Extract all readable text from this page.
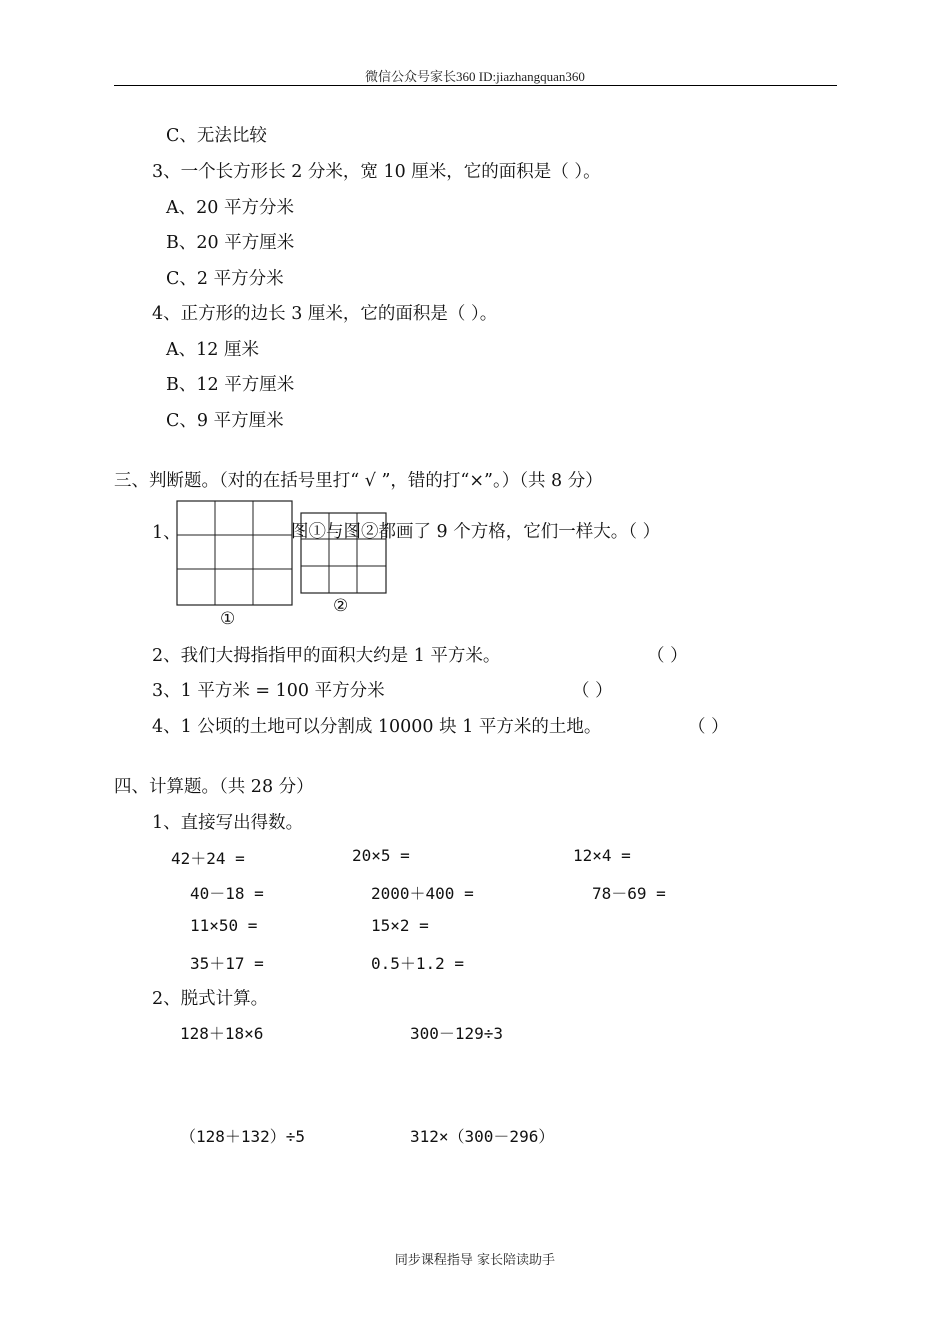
微信公众号家长360 ID:jiazhangquan360
C、无法比较
3、一个长方形长 2 分米，宽 10 厘米，它的面积是（ ）。
A、20 平方分米
B、20 平方厘米
C、2 平方分米
4、正方形的边长 3 厘米，它的面积是（ ）。
A、12 厘米
B、12 平方厘米
C、9 平方厘米
三、判断题。（对的在括号里打“ √ ”，错的打“×”。）（共 8 分）
1、
①
②
图①与图②都画了 9 个方格，它们一样大。（ ）
2、我们大拇指指甲的面积大约是 1 平方米。	（ ）
3、1 平方米 = 100 平方分米	（ ）
4、1 公顷的土地可以分割成 10000 块 1 平方米的土地。	（ ）
四、计算题。（共 28 分）
1、直接写出得数。
42＋24 =	20×5 =	12×4 =
40－18 =	2000＋400 =	78－69 =
11×50 =	15×2 =
35＋17 =	0.5＋1.2 =
2、脱式计算。
128＋18×6	300－129÷3
（128＋132）÷5	312×（300－296）
同步课程指导 家长陪读助手
